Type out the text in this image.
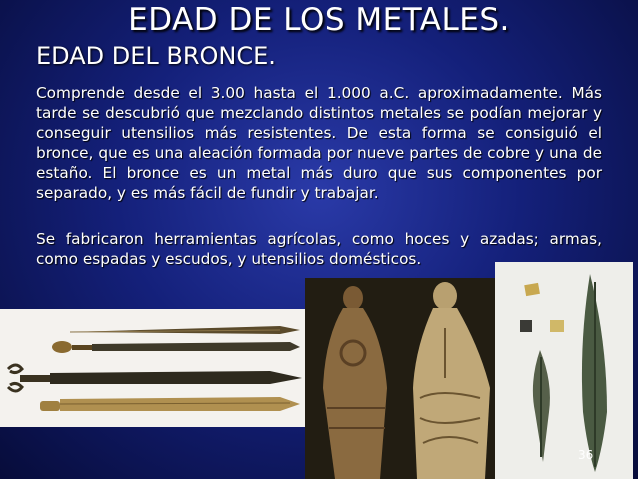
EDAD DE LOS METALES.
EDAD DEL BRONCE.
Comprende desde el 3.00 hasta el 1.000 a.C. aproximadamente. Más tarde se descubrió que mezclando distintos metales se podían mejorar y conseguir utensilios más resistentes. De esta forma se consiguió el bronce, que es una aleación formada por nueve partes de cobre y una de estaño. El bronce es un metal más duro que sus componentes por separado, y es más fácil de fundir y trabajar.
Se fabricaron herramientas agrícolas, como hoces y azadas; armas, como espadas y escudos, y utensilios domésticos.
36
